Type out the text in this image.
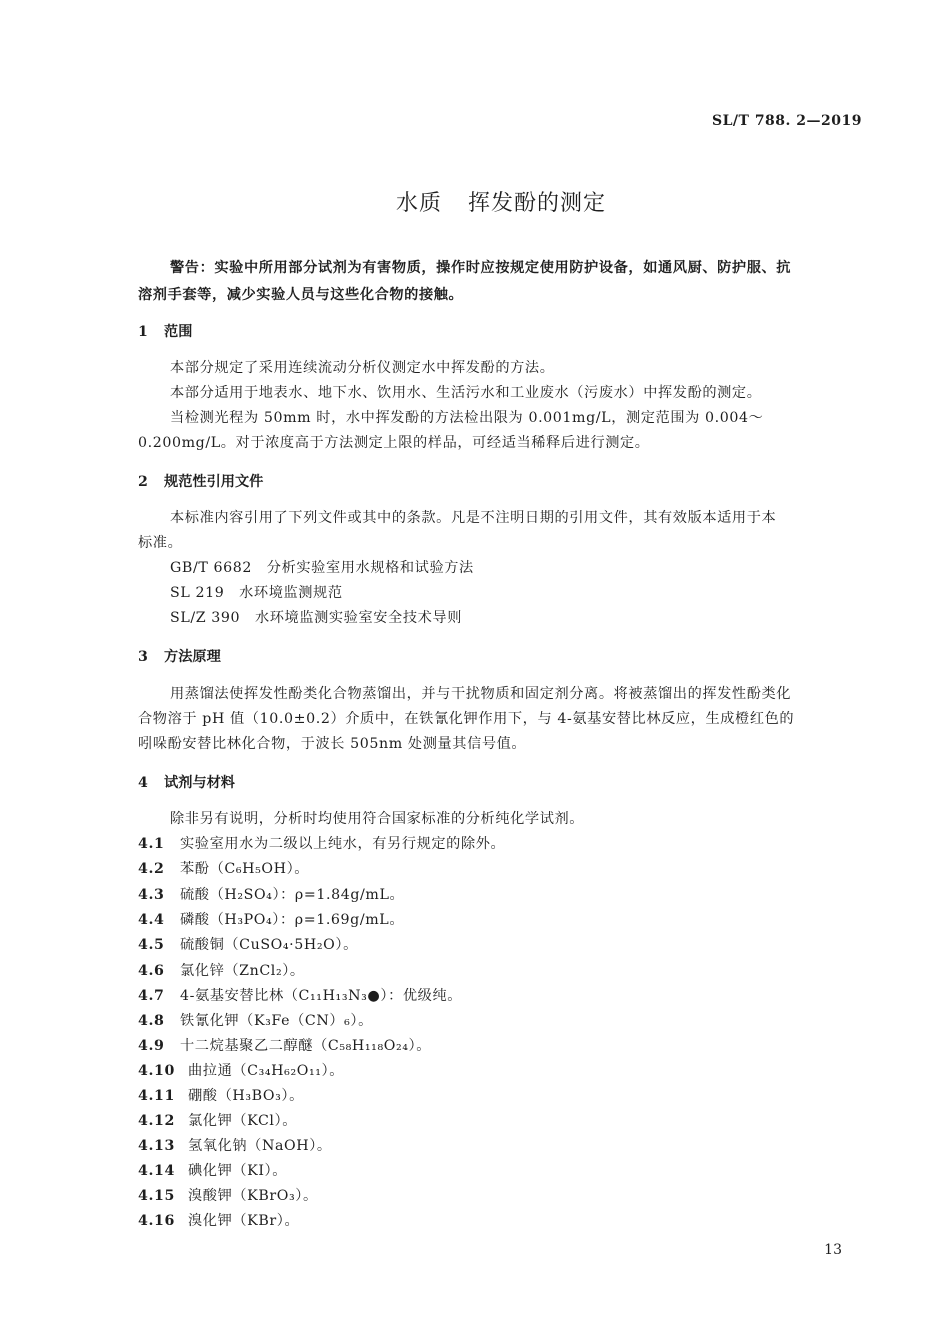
SL/T 788. 2—2019
水质 挥发酚的测定
警告：实验中所用部分试剂为有害物质，操作时应按规定使用防护设备，如通风厨、防护服、抗
溶剂手套等，减少实验人员与这些化合物的接触。
1 范围
本部分规定了采用连续流动分析仪测定水中挥发酚的方法。
本部分适用于地表水、地下水、饮用水、生活污水和工业废水（污废水）中挥发酚的测定。
当检测光程为 50mm 时，水中挥发酚的方法检出限为 0.001mg/L，测定范围为 0.004～
0.200mg/L。对于浓度高于方法测定上限的样品，可经适当稀释后进行测定。
2 规范性引用文件
本标准内容引用了下列文件或其中的条款。凡是不注明日期的引用文件，其有效版本适用于本
标准。
GB/T 6682　分析实验室用水规格和试验方法
SL 219　水环境监测规范
SL/Z 390　水环境监测实验室安全技术导则
3 方法原理
用蒸馏法使挥发性酚类化合物蒸馏出，并与干扰物质和固定剂分离。将被蒸馏出的挥发性酚类化
合物溶于 pH 值（10.0±0.2）介质中，在铁氰化钾作用下，与 4-氨基安替比林反应，生成橙红色的
吲哚酚安替比林化合物，于波长 505nm 处测量其信号值。
4 试剂与材料
除非另有说明，分析时均使用符合国家标准的分析纯化学试剂。
4.1 实验室用水为二级以上纯水，有另行规定的除外。
4.2 苯酚（C₆H₅OH）。
4.3 硫酸（H₂SO₄）：ρ=1.84g/mL。
4.4 磷酸（H₃PO₄）：ρ=1.69g/mL。
4.5 硫酸铜（CuSO₄·5H₂O）。
4.6 氯化锌（ZnCl₂）。
4.7 4-氨基安替比林（C₁₁H₁₃N₃●）：优级纯。
4.8 铁氰化钾（K₃Fe（CN）₆）。
4.9 十二烷基聚乙二醇醚（C₅₈H₁₁₈O₂₄）。
4.10 曲拉通（C₃₄H₆₂O₁₁）。
4.11 硼酸（H₃BO₃）。
4.12 氯化钾（KCl）。
4.13 氢氧化钠（NaOH）。
4.14 碘化钾（KI）。
4.15 溴酸钾（KBrO₃）。
4.16 溴化钾（KBr）。
13
